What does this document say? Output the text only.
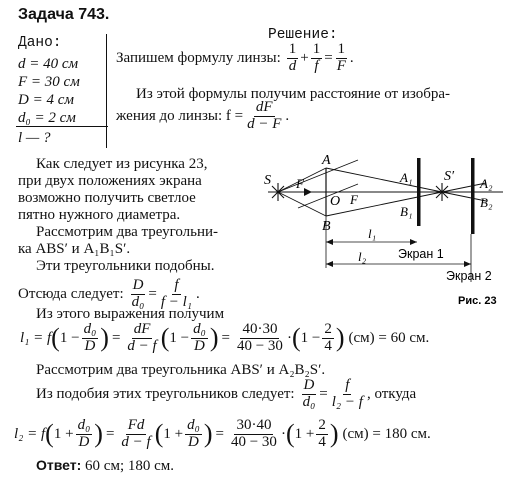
Задача 743.
Дано:
d = 40 см
F = 30 см
D = 4 см
d₀ = 2 см
l — ?
Решение:
Запишем формулу линзы: $\frac{1}{d} + \frac{1}{f} = \frac{1}{F}$ .
Из этой формулы получим расстояние от изобра-
жения до линзы: $f = \frac{dF}{d - F}$ .
Как следует из рисунка 23,
при двух положениях экрана
возможно получить светлое
пятно нужного диаметра.
Рассмотрим два треугольни-
ка ABS′ и A₁B₁S′.
Эти треугольники подобны.
Отсюда следует: $\frac{D}{\text{d₀}} = \frac{f}{\text{f − l₁}}$ .
S
A
B
F
O F
A₁
B₁
S′ A₂
B₂
l₁
l₂	Экран 1
Экран 2
Рис. 23
Из этого выражения получим
l₁ = f ( $1 - \frac{\text{d₀}}{D}$ ) = $\frac{dF}{d - f}$ ( $1 - \frac{\text{d₀}}{D}$ ) = $\frac{40\cdot 30}{40 - 30}$ · ( $1 - \frac{2}{4}$ ) (см) = 60 см.
Рассмотрим два треугольника ABS′ и A₂B₂S′.
Из подобия этих треугольников следует: $\frac{D}{\text{d₀}} = \frac{f}{\text{l₂ − f}}$ , откуда
l₂ = f ( $1 + \frac{\text{d₀}}{D}$ ) = $\frac{Fd}{d - f}$ ( $1 + \frac{\text{d₀}}{D}$ ) = $\frac{30\cdot 40}{40 - 30}$ · ( $1 + \frac{2}{4}$ ) (см) = 180 см.
Ответ: 60 см; 180 см.
